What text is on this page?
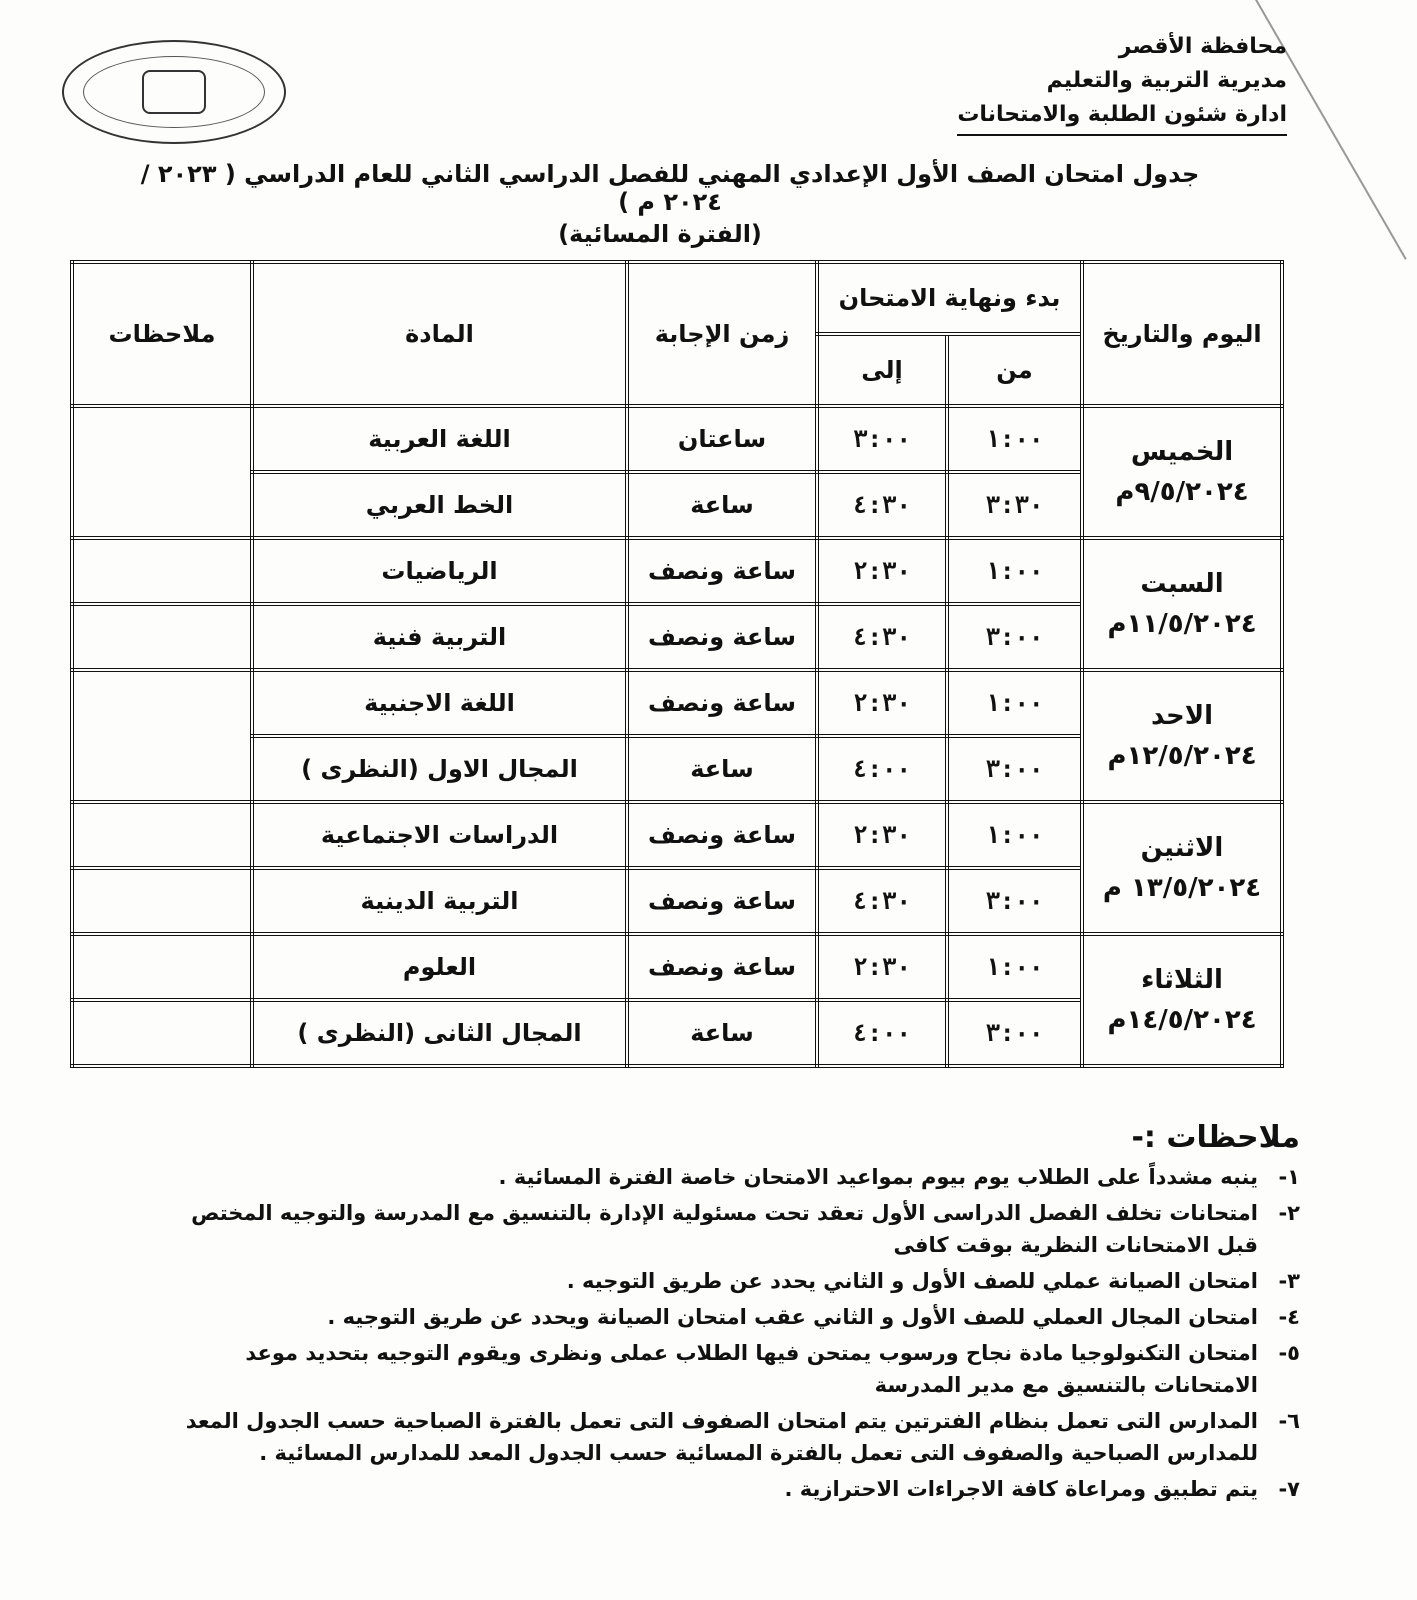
محافظة الأقصر
مديرية التربية والتعليم
ادارة شئون الطلبة والامتحانات
جدول امتحان الصف الأول الإعدادي المهني للفصل الدراسي الثاني للعام الدراسي ( ٢٠٢٣ / ٢٠٢٤ م )
(الفترة المسائية)
اليوم والتاريخ	بدء ونهاية الامتحان		زمن الإجابة	المادة	ملاحظات
	من	إلى			

الخميس
٩/٥/٢٠٢٤م	١:٠٠	٣:٠٠	ساعتان	اللغة العربية	
	٣:٣٠	٤:٣٠	ساعة	الخط العربي	

السبت
١١/٥/٢٠٢٤م	١:٠٠	٢:٣٠	ساعة ونصف	الرياضيات	
	٣:٠٠	٤:٣٠	ساعة ونصف	التربية فنية	

الاحد
١٢/٥/٢٠٢٤م	١:٠٠	٢:٣٠	ساعة ونصف	اللغة الاجنبية	
	٣:٠٠	٤:٠٠	ساعة	المجال الاول (النظرى )	

الاثنين
١٣/٥/٢٠٢٤ م	١:٠٠	٢:٣٠	ساعة ونصف	الدراسات الاجتماعية	
	٣:٠٠	٤:٣٠	ساعة ونصف	التربية الدينية	

الثلاثاء
١٤/٥/٢٠٢٤م	١:٠٠	٢:٣٠	ساعة ونصف	العلوم	
	٣:٠٠	٤:٠٠	ساعة	المجال الثانى (النظرى )	
ملاحظات :-
١-
ينبه مشدداً على الطلاب يوم بيوم بمواعيد الامتحان خاصة الفترة المسائية .
٢-
امتحانات تخلف الفصل الدراسى الأول تعقد تحت مسئولية الإدارة بالتنسيق مع المدرسة والتوجيه المختص قبل الامتحانات النظرية بوقت كافى
٣-
امتحان الصيانة عملي للصف الأول و الثاني يحدد عن طريق التوجيه .
٤-
امتحان المجال العملي للصف الأول و الثاني عقب امتحان الصيانة ويحدد عن طريق التوجيه .
٥-
امتحان التكنولوجيا مادة نجاح ورسوب يمتحن فيها الطلاب عملى ونظرى ويقوم التوجيه بتحديد موعد الامتحانات بالتنسيق مع مدير المدرسة
٦-
المدارس التى تعمل بنظام الفترتين يتم امتحان الصفوف التى تعمل بالفترة الصباحية حسب الجدول المعد للمدارس الصباحية والصفوف التى تعمل بالفترة المسائية حسب الجدول المعد للمدارس المسائية .
٧-
يتم تطبيق ومراعاة كافة الاجراءات الاحترازية .
